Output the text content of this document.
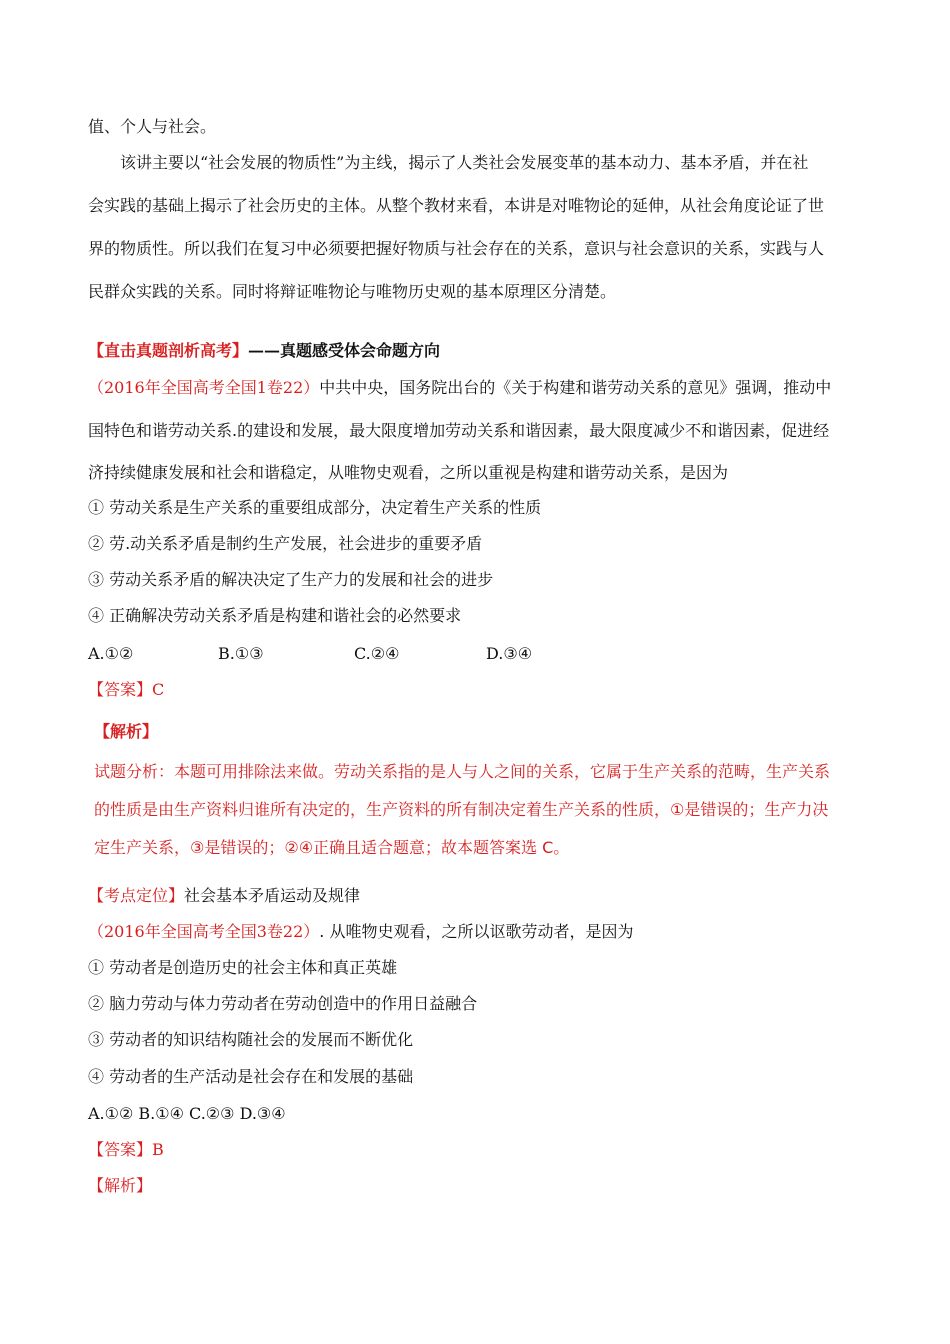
值、个人与社会。
该讲主要以“社会发展的物质性”为主线，揭示了人类社会发展变革的基本动力、基本矛盾，并在社
会实践的基础上揭示了社会历史的主体。从整个教材来看，本讲是对唯物论的延伸，从社会角度论证了世
界的物质性。所以我们在复习中必须要把握好物质与社会存在的关系，意识与社会意识的关系，实践与人
民群众实践的关系。同时将辩证唯物论与唯物历史观的基本原理区分清楚。
【直击真题剖析高考】——真题感受体会命题方向
（2016年全国高考全国1卷22）中共中央，国务院出台的《关于构建和谐劳动关系的意见》强调，推动中
国特色和谐劳动关系.的建设和发展，最大限度增加劳动关系和谐因素，最大限度减少不和谐因素，促进经
济持续健康发展和社会和谐稳定，从唯物史观看，之所以重视是构建和谐劳动关系，是因为
① 劳动关系是生产关系的重要组成部分，决定着生产关系的性质
② 劳.动关系矛盾是制约生产发展，社会进步的重要矛盾
③ 劳动关系矛盾的解决决定了生产力的发展和社会的进步
④ 正确解决劳动关系矛盾是构建和谐社会的必然要求
A.①②	B.①③	C.②④	D.③④
【答案】C
【解析】
试题分析：本题可用排除法来做。劳动关系指的是人与人之间的关系，它属于生产关系的范畴，生产关系
的性质是由生产资料归谁所有决定的，生产资料的所有制决定着生产关系的性质，①是错误的；生产力决
定生产关系，③是错误的；②④正确且适合题意；故本题答案选 C。
【考点定位】社会基本矛盾运动及规律
（2016年全国高考全国3卷22）. 从唯物史观看，之所以讴歌劳动者，是因为
① 劳动者是创造历史的社会主体和真正英雄
② 脑力劳动与体力劳动者在劳动创造中的作用日益融合
③ 劳动者的知识结构随社会的发展而不断优化
④ 劳动者的生产活动是社会存在和发展的基础
A.①② B.①④ C.②③ D.③④
【答案】B
【解析】
